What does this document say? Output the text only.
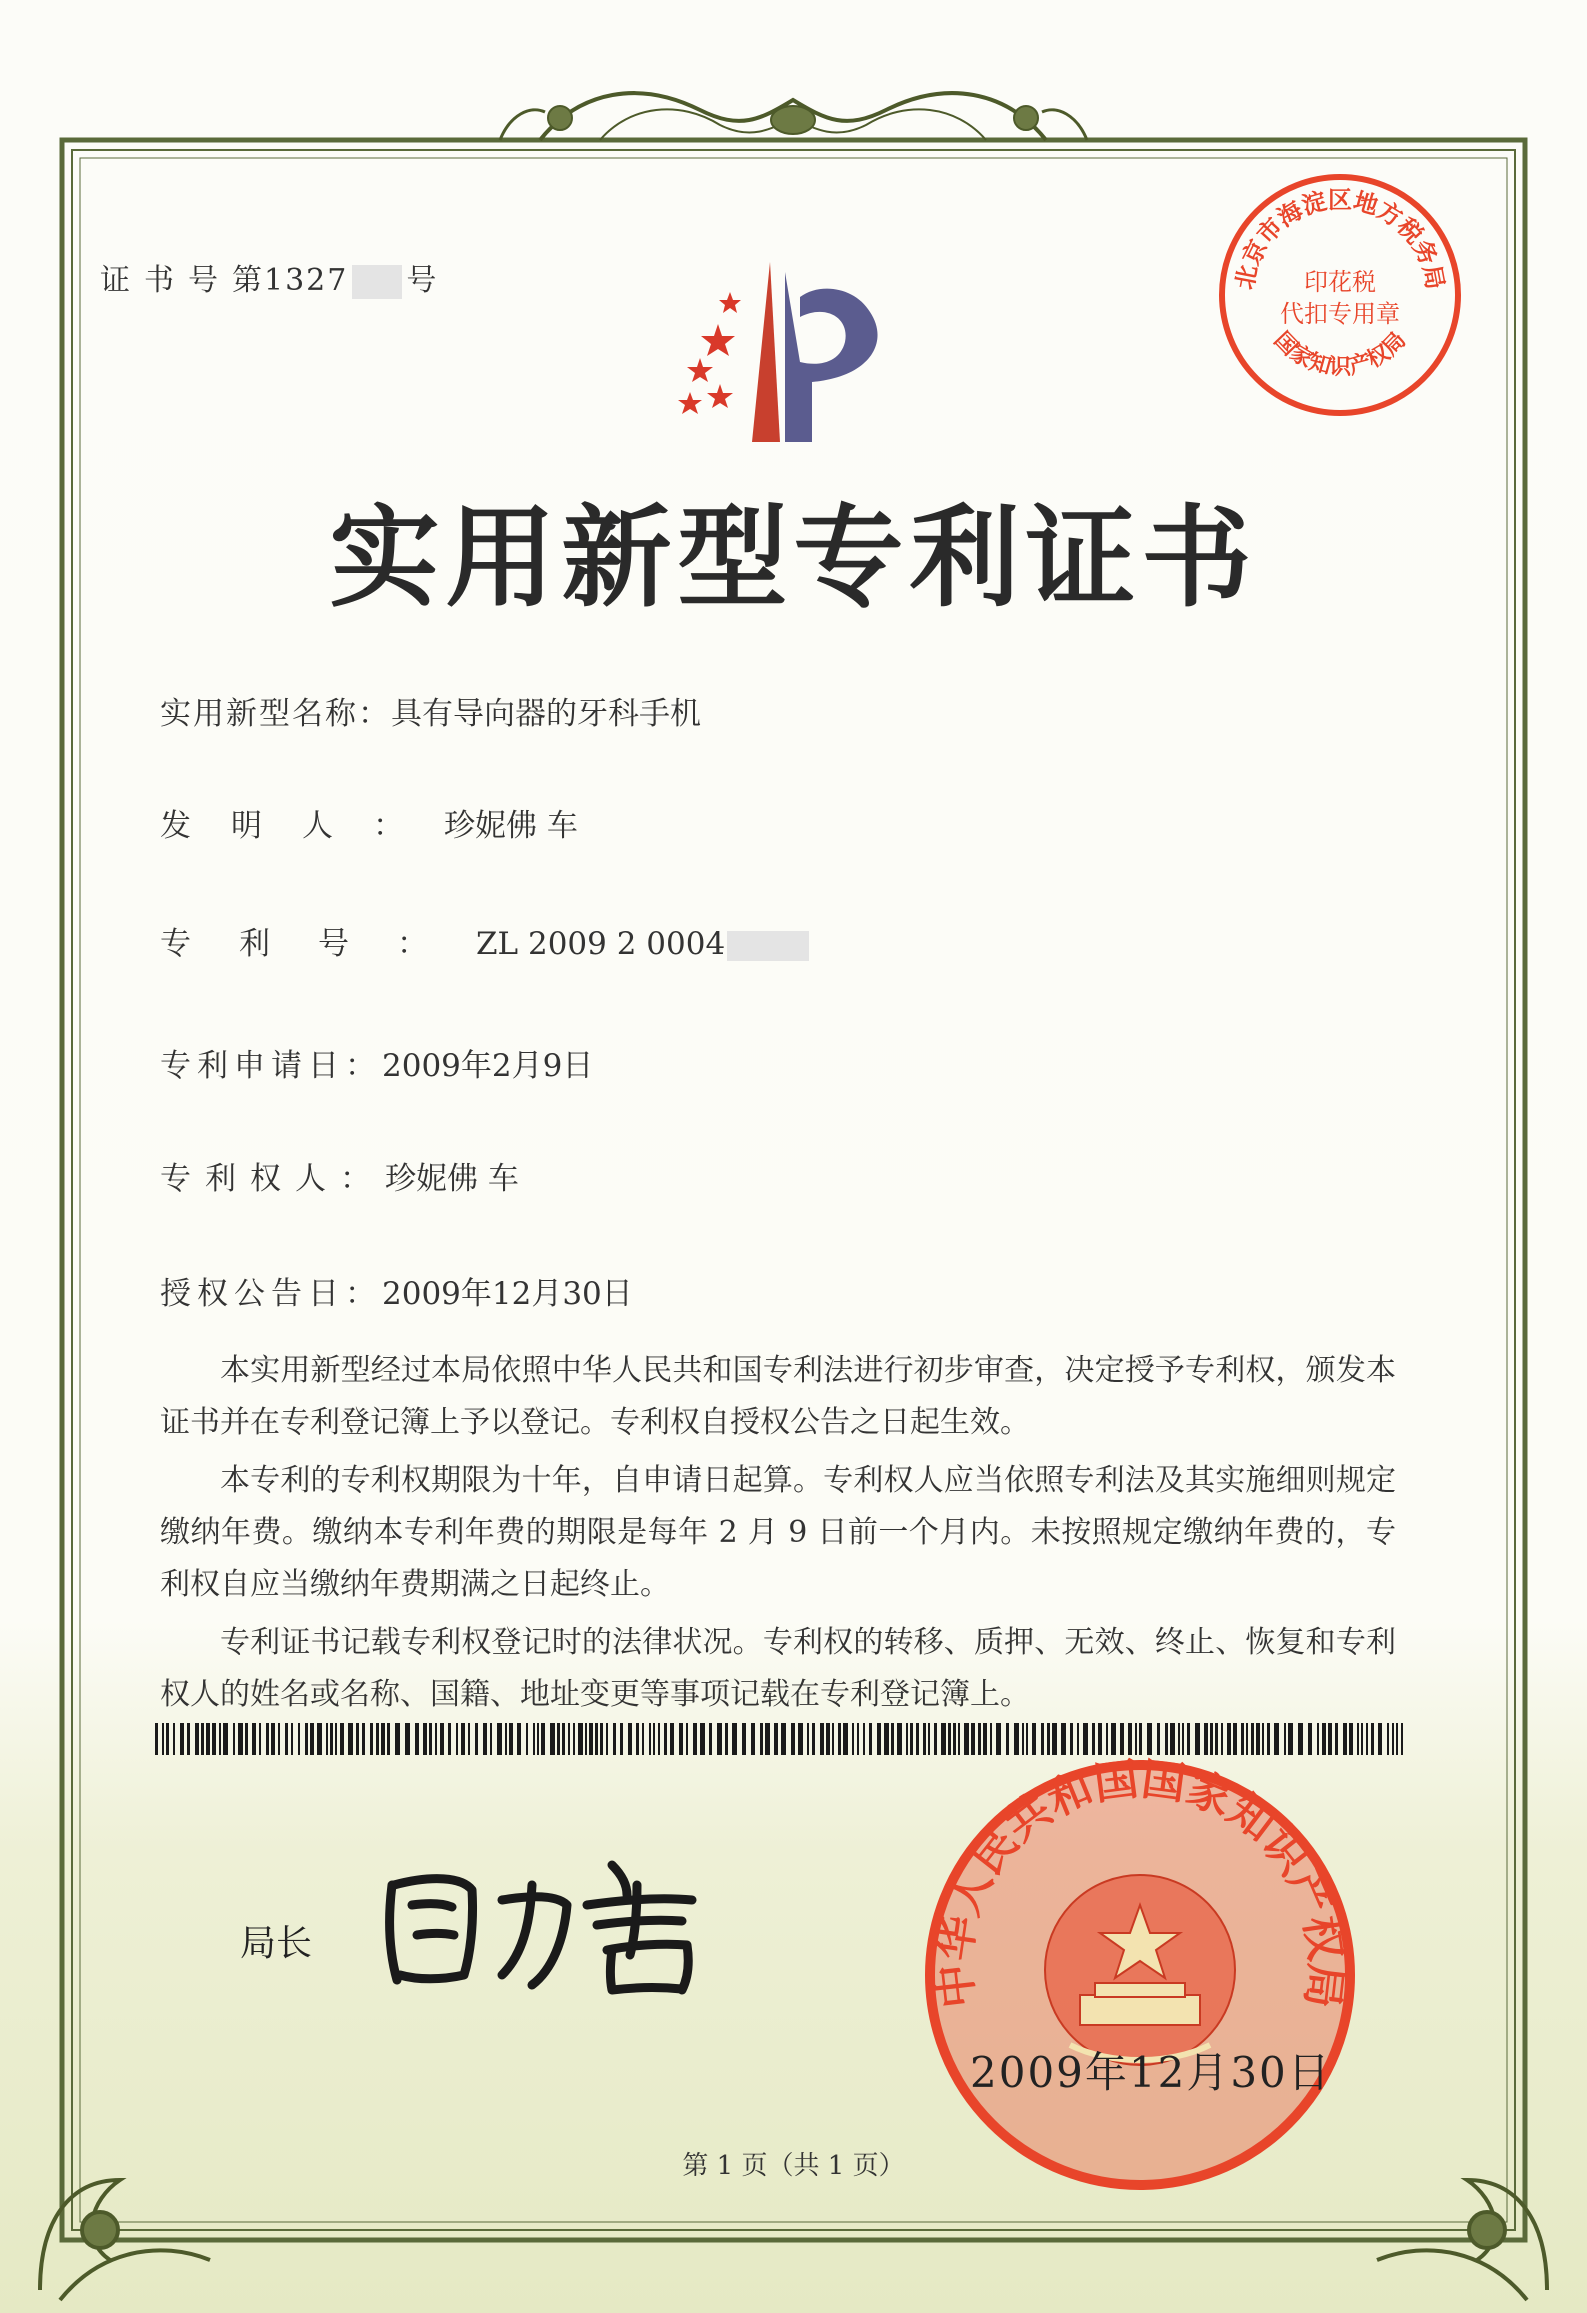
证书号第1327 号
实用新型专利证书
实用新型名称：具有导向器的牙科手机
发明人：珍妮佛 车
专利号：ZL 2009 2 0004
专利申请日：2009年2月9日
专利权人：珍妮佛 车
授权公告日：2009年12月30日

本实用新型经过本局依照中华人民共和国专利法进行初步审查，决定授予专利权，颁发本证书并在专利登记簿上予以登记。专利权自授权公告之日起生效。

本专利的专利权期限为十年，自申请日起算。专利权人应当依照专利法及其实施细则规定缴纳年费。缴纳本专利年费的期限是每年 2 月 9 日前一个月内。未按照规定缴纳年费的，专利权自应当缴纳年费期满之日起终止。

专利证书记载专利权登记时的法律状况。专利权的转移、质押、无效、终止、恢复和专利权人的姓名或名称、国籍、地址变更等事项记载在专利登记簿上。

局长
北京市海淀区地方税务局
国家知识产权局
印花税
代扣专用章
中华人民共和国国家知识产权局
2009年12月30日
第 1 页（共 1 页）
